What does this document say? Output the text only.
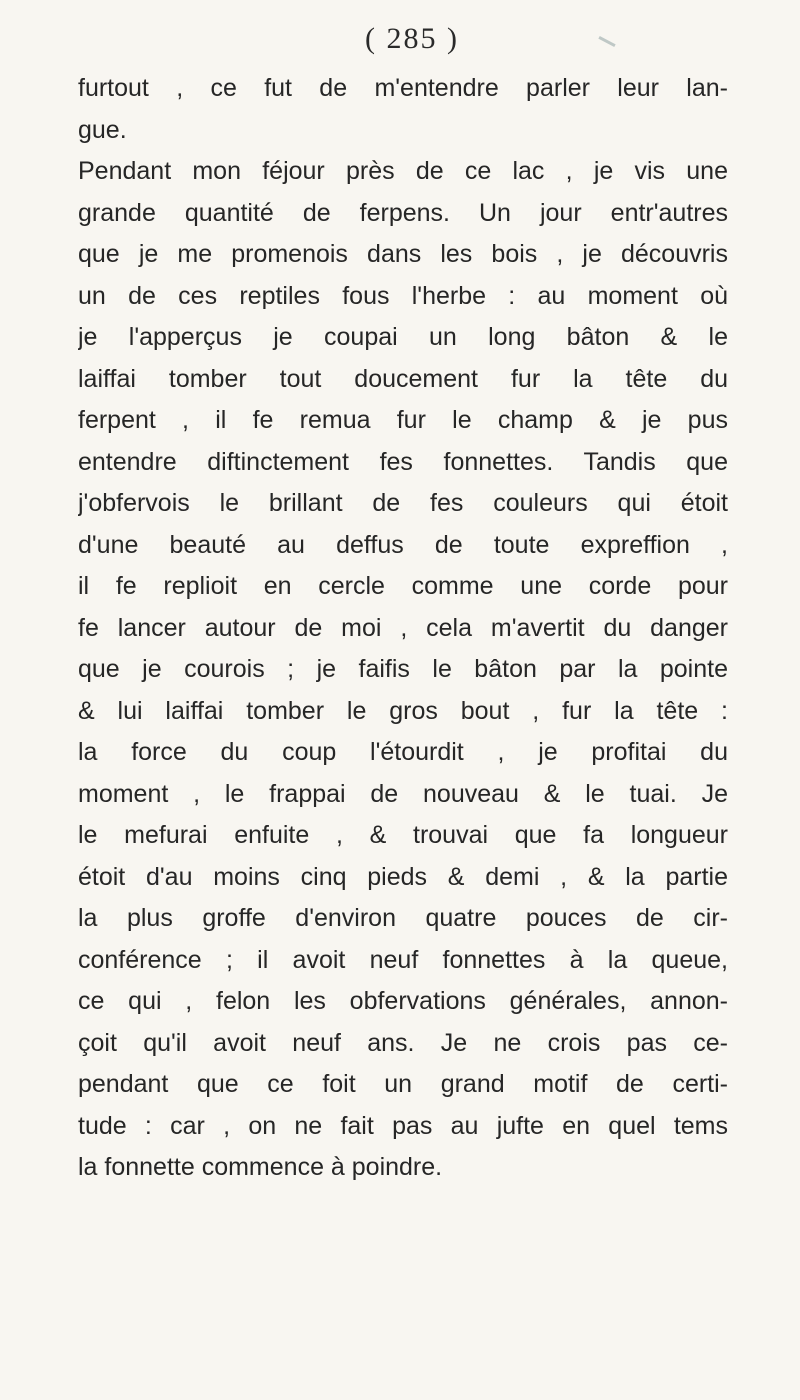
( 285 )
furtout , ce fut de m'entendre parler leur lan-
gue.
Pendant mon féjour près de ce lac , je vis une
grande quantité de ferpens. Un jour entr'autres
que je me promenois dans les bois , je découvris
un de ces reptiles fous l'herbe : au moment où
je l'apperçus je coupai un long bâton & le
laiffai tomber tout doucement fur la tête du
ferpent , il fe remua fur le champ & je pus
entendre diftinctement fes fonnettes. Tandis que
j'obfervois le brillant de fes couleurs qui étoit
d'une beauté au deffus de toute expreffion ,
il fe replioit en cercle comme une corde pour
fe lancer autour de moi , cela m'avertit du danger
que je courois ; je faifis le bâton par la pointe
& lui laiffai tomber le gros bout , fur la tête :
la force du coup l'étourdit , je profitai du
moment , le frappai de nouveau & le tuai. Je
le mefurai enfuite , & trouvai que fa longueur
étoit d'au moins cinq pieds & demi , & la partie
la plus groffe d'environ quatre pouces de cir-
conférence ; il avoit neuf fonnettes à la queue,
ce qui , felon les obfervations générales, annon-
çoit qu'il avoit neuf ans. Je ne crois pas ce-
pendant que ce foit un grand motif de certi-
tude : car , on ne fait pas au jufte en quel tems
la fonnette commence à poindre.
